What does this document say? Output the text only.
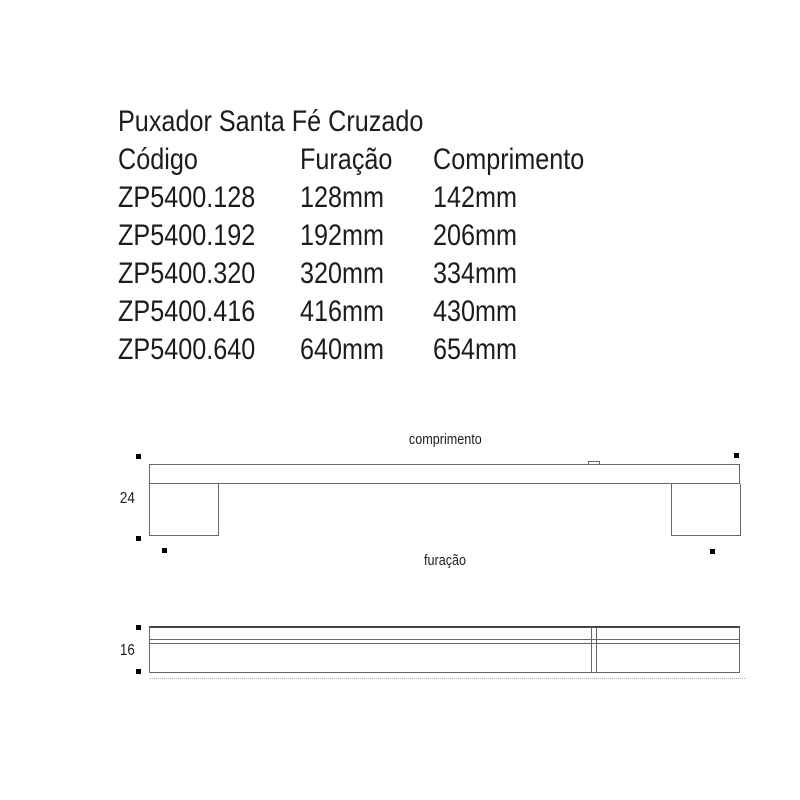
Puxador Santa Fé Cruzado
Código	Furação	Comprimento
ZP5400.128	128mm	142mm
ZP5400.192	192mm	206mm
ZP5400.320	320mm	334mm
ZP5400.416	416mm	430mm
ZP5400.640	640mm	654mm
comprimento
24
furação
16
